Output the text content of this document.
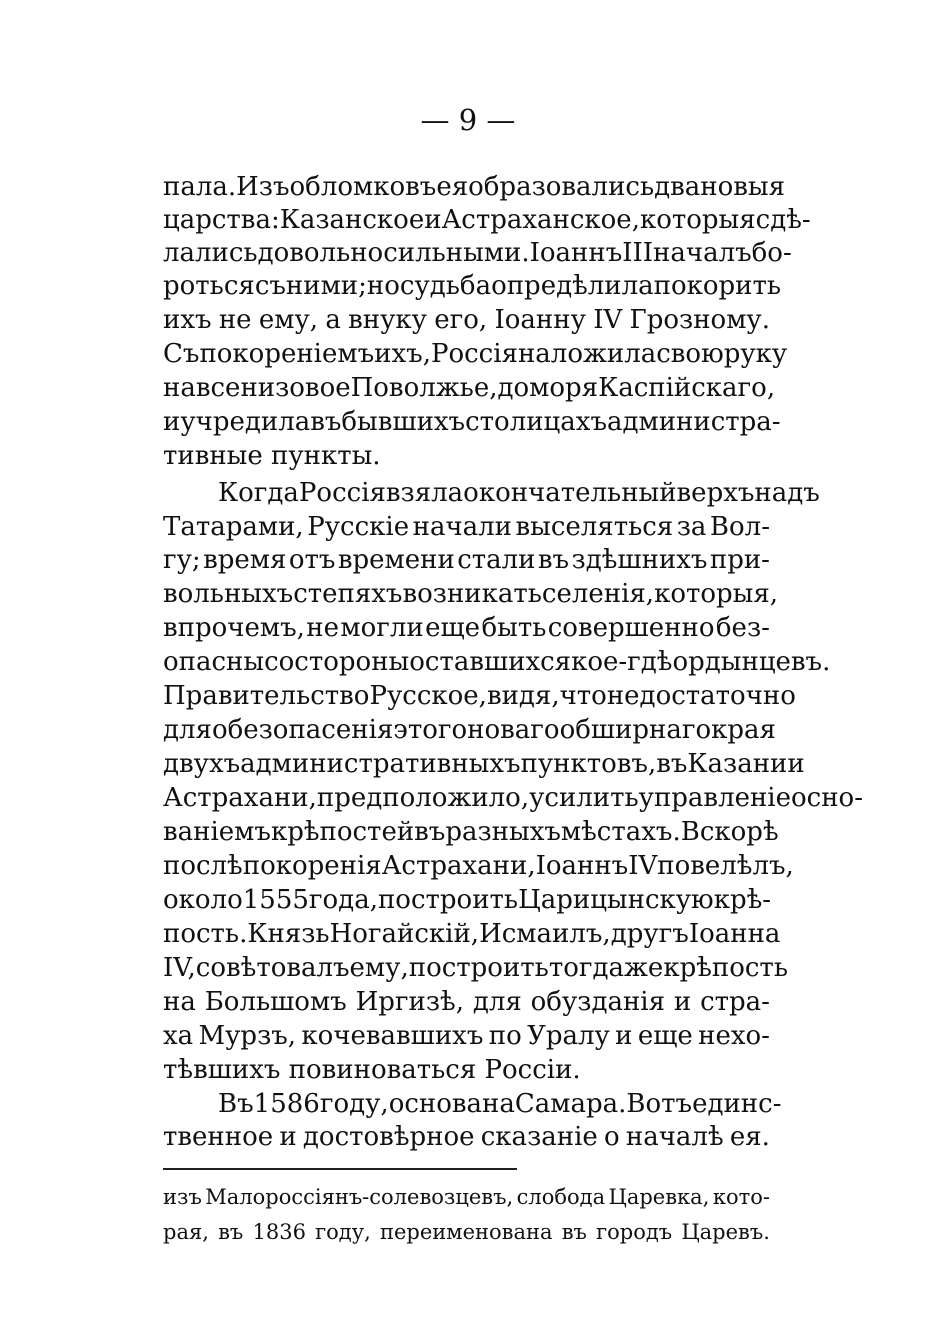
— 9 —
пала. Изъ обломковъ ея образовались два новыя
царства: Казанское и Астраханское, которыя сдѣ-
лались довольно сильными. Іоаннъ III началъ бо-
роться съ ними; но судьба опредѣлила покорить
ихъ не ему, а внуку его, Іоанну IV Грозному.
Съ покореніемъ ихъ, Россія наложила свою руку
на все низовое Поволжье, до моря Каспійскаго,
и учредила въ бывшихъ столицахъ администра-
тивные пункты.
Когда Россія взяла окончательный верхъ надъ
Татарами, Русскіе начали выселяться за Вол-
гу; время отъ времени стали въ здѣшнихъ при-
вольныхъ степяхъ возникать селенія, которыя,
впрочемъ, не могли еще быть совершенно без-
опасны со стороны оставшихся кое-гдѣ ордынцевъ.
Правительство Русское, видя, что недостаточно
для обезопасенія этого новаго обширнаго края
двухъ административныхъ пунктовъ, въ Казани и
Астрахани, предположило, усилить управленіе осно-
ваніемъ крѣпостей въ разныхъ мѣстахъ. Вскорѣ
послѣ покоренія Астрахани, Іоаннъ IV повелѣлъ,
около 1555 года, построить Царицынскую крѣ-
пость. Князь Ногайскій, Исмаилъ, другъ Іоанна
IV, совѣтовалъ ему, построить тогдаже крѣпость
на Большомъ Иргизѣ, для обузданія и стра-
ха Мурзъ, кочевавшихъ по Уралу и еще нехо-
тѣвшихъ повиноваться Россіи.
Въ 1586 году, основана Самара. Вотъ единс-
твенное и достовѣрное сказаніе о началѣ ея.
изъ Малороссіянъ-солевозцевъ, слобода Царевка, кото-
рая, въ 1836 году, переименована въ городъ Царевъ.
